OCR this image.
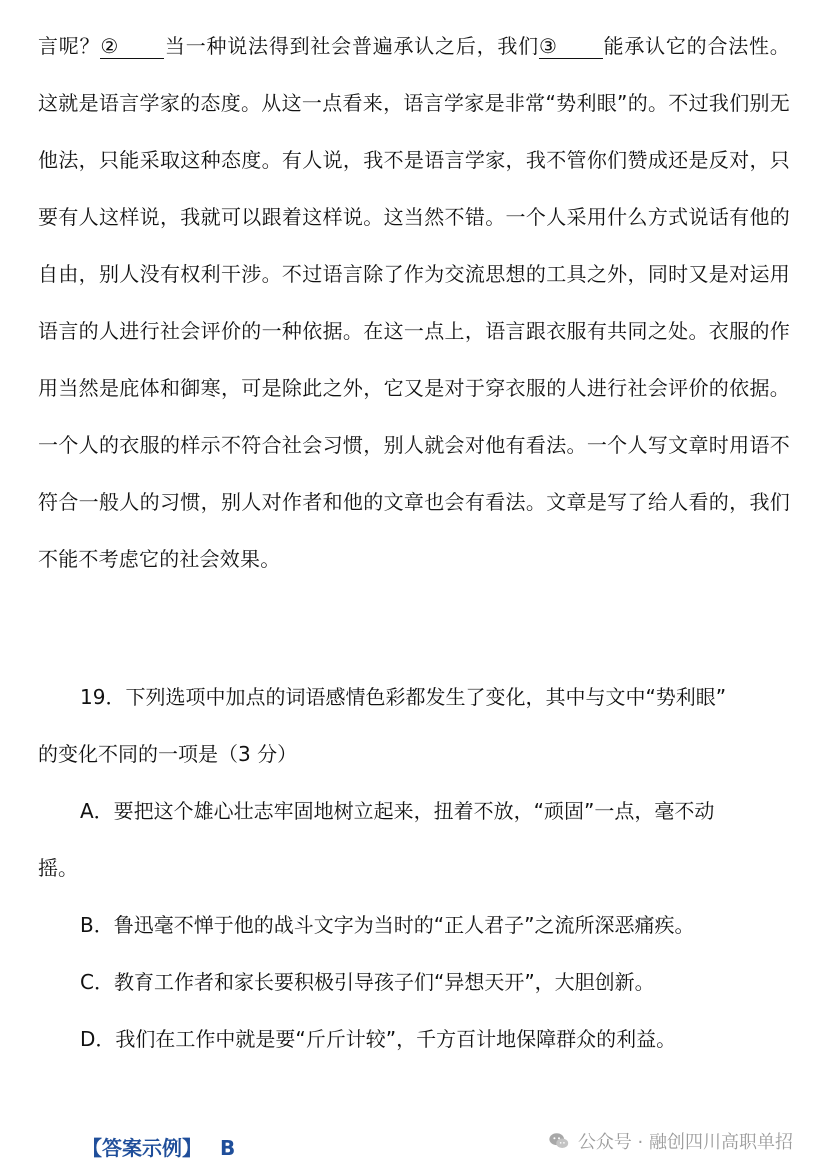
言呢？② 当一种说法得到社会普遍承认之后，我们③ 能承认它的合法性。

这就是语言学家的态度。从这一点看来，语言学家是非常“势利眼”的。不过我们别无他法，只能采取这种态度。有人说，我不是语言学家，我不管你们赞成还是反对，只要有人这样说，我就可以跟着这样说。这当然不错。一个人采用什么方式说话有他的自由，别人没有权利干涉。不过语言除了作为交流思想的工具之外，同时又是对运用语言的人进行社会评价的一种依据。在这一点上，语言跟衣服有共同之处。衣服的作用当然是庇体和御寒，可是除此之外，它又是对于穿衣服的人进行社会评价的依据。一个人的衣服的样示不符合社会习惯，别人就会对他有看法。一个人写文章时用语不符合一般人的习惯，别人对作者和他的文章也会有看法。文章是写了给人看的，我们不能不考虑它的社会效果。

19．下列选项中加点的词语感情色彩都发生了变化，其中与文中“势利眼”

的变化不同的一项是（3 分）

A．要把这个雄心壮志牢固地树立起来，扭着不放，“顽固”一点，毫不动

摇。

B．鲁迅毫不惮于他的战斗文字为当时的“正人君子”之流所深恶痛疾。

C．教育工作者和家长要积极引导孩子们“异想天开”，大胆创新。

D．我们在工作中就是要“斤斤计较”，千方百计地保障群众的利益。

【答案示例】 B	公众号 · 融创四川高职单招
